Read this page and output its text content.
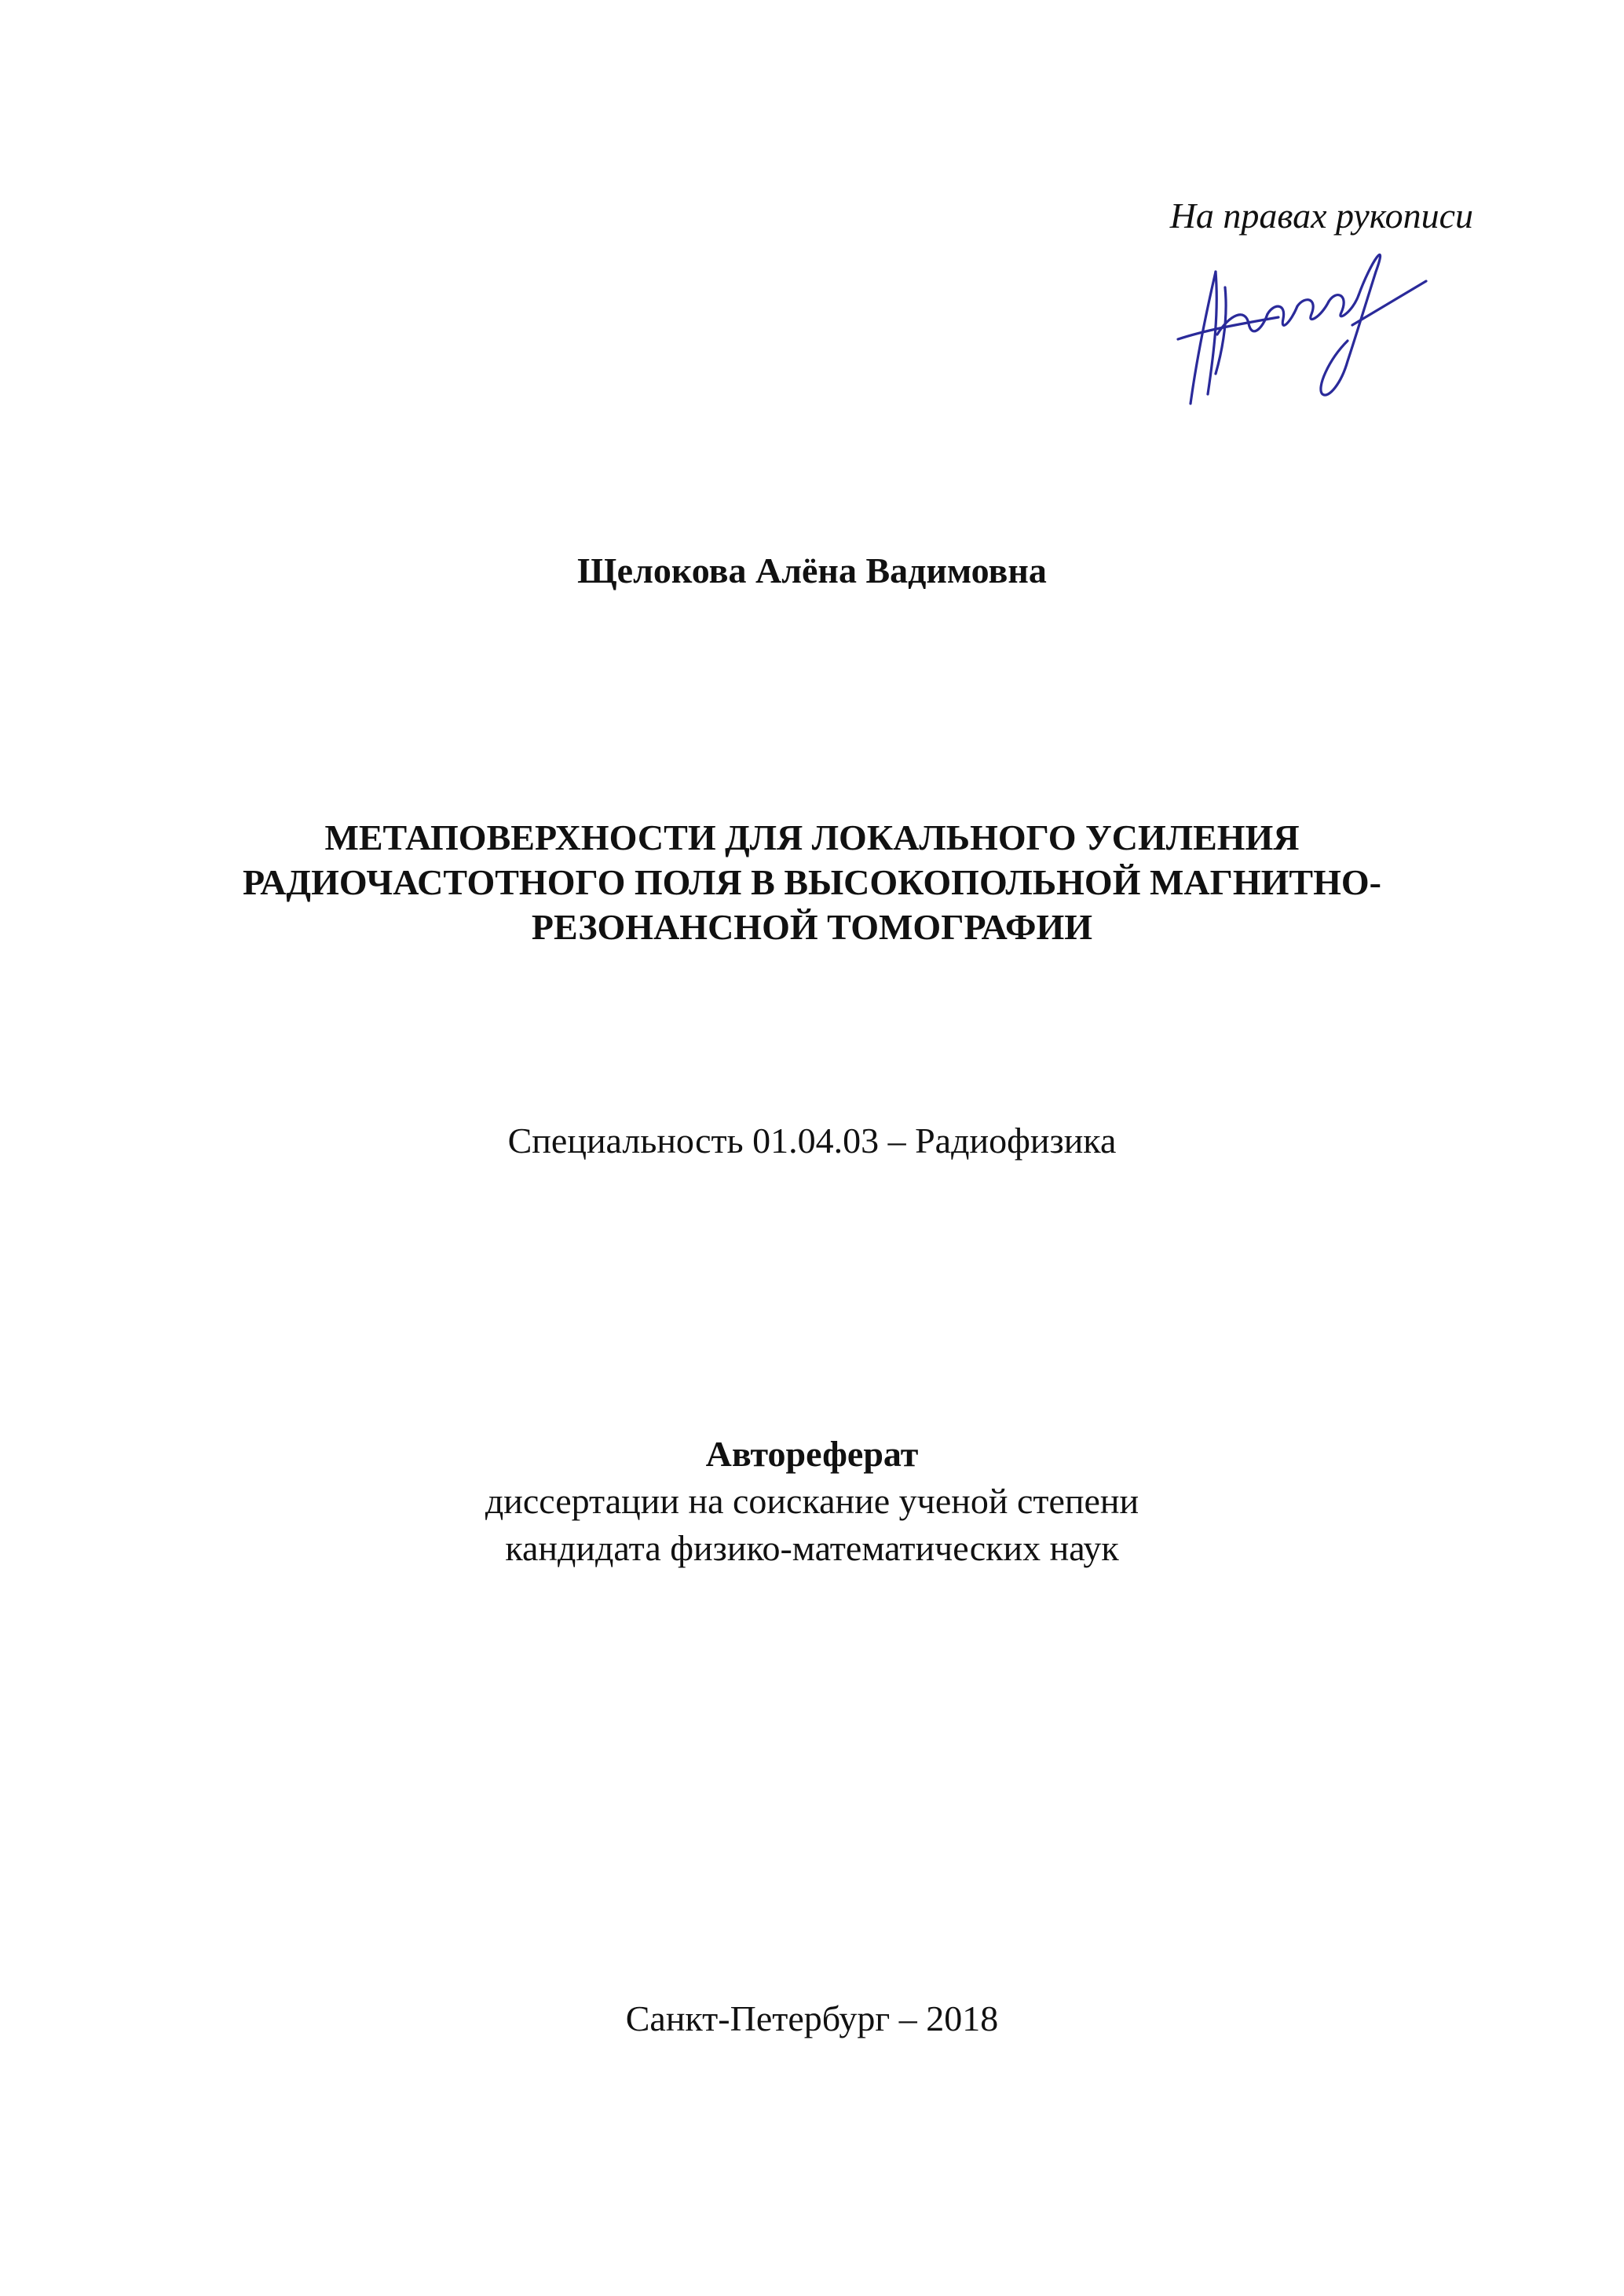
На правах рукописи
Щелокова Алёна Вадимовна
МЕТАПОВЕРХНОСТИ ДЛЯ ЛОКАЛЬНОГО УСИЛЕНИЯ
РАДИОЧАСТОТНОГО ПОЛЯ В ВЫСОКОПОЛЬНОЙ МАГНИТНО-
РЕЗОНАНСНОЙ ТОМОГРАФИИ
Специальность 01.04.03 – Радиофизика
Автореферат
диссертации на соискание ученой степени
кандидата физико-математических наук
Санкт-Петербург – 2018
